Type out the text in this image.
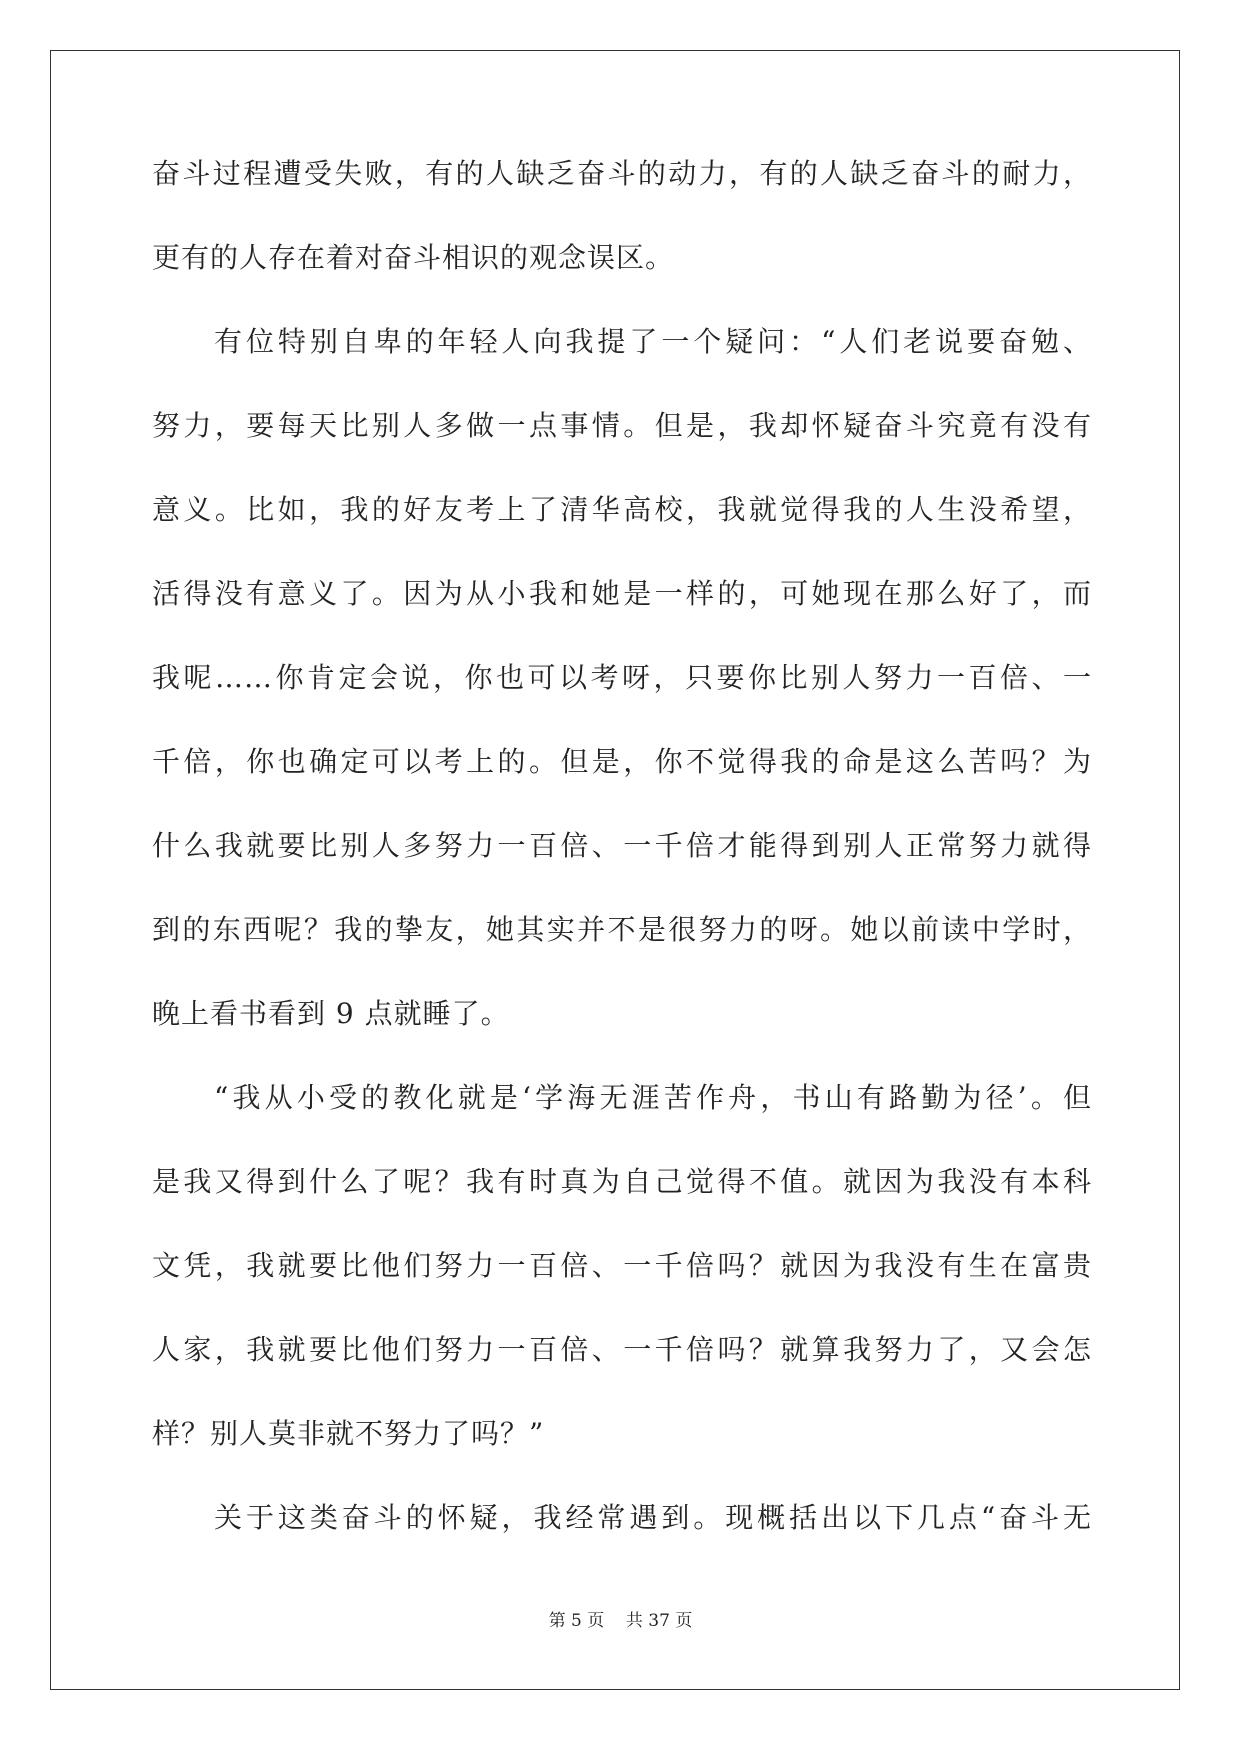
奋斗过程遭受失败，有的人缺乏奋斗的动力，有的人缺乏奋斗的耐力，
更有的人存在着对奋斗相识的观念误区。
有位特别自卑的年轻人向我提了一个疑问：“人们老说要奋勉、
努力，要每天比别人多做一点事情。但是，我却怀疑奋斗究竟有没有
意义。比如，我的好友考上了清华高校，我就觉得我的人生没希望，
活得没有意义了。因为从小我和她是一样的，可她现在那么好了，而
我呢……你肯定会说，你也可以考呀，只要你比别人努力一百倍、一
千倍，你也确定可以考上的。但是，你不觉得我的命是这么苦吗？为
什么我就要比别人多努力一百倍、一千倍才能得到别人正常努力就得
到的东西呢？我的挚友，她其实并不是很努力的呀。她以前读中学时，
晚上看书看到 9 点就睡了。
“我从小受的教化就是‘学海无涯苦作舟，书山有路勤为径’。但
是我又得到什么了呢？我有时真为自己觉得不值。就因为我没有本科
文凭，我就要比他们努力一百倍、一千倍吗？就因为我没有生在富贵
人家，我就要比他们努力一百倍、一千倍吗？就算我努力了，又会怎
样？别人莫非就不努力了吗？”
关于这类奋斗的怀疑，我经常遇到。现概括出以下几点“奋斗无
第 5 页 共 37 页
